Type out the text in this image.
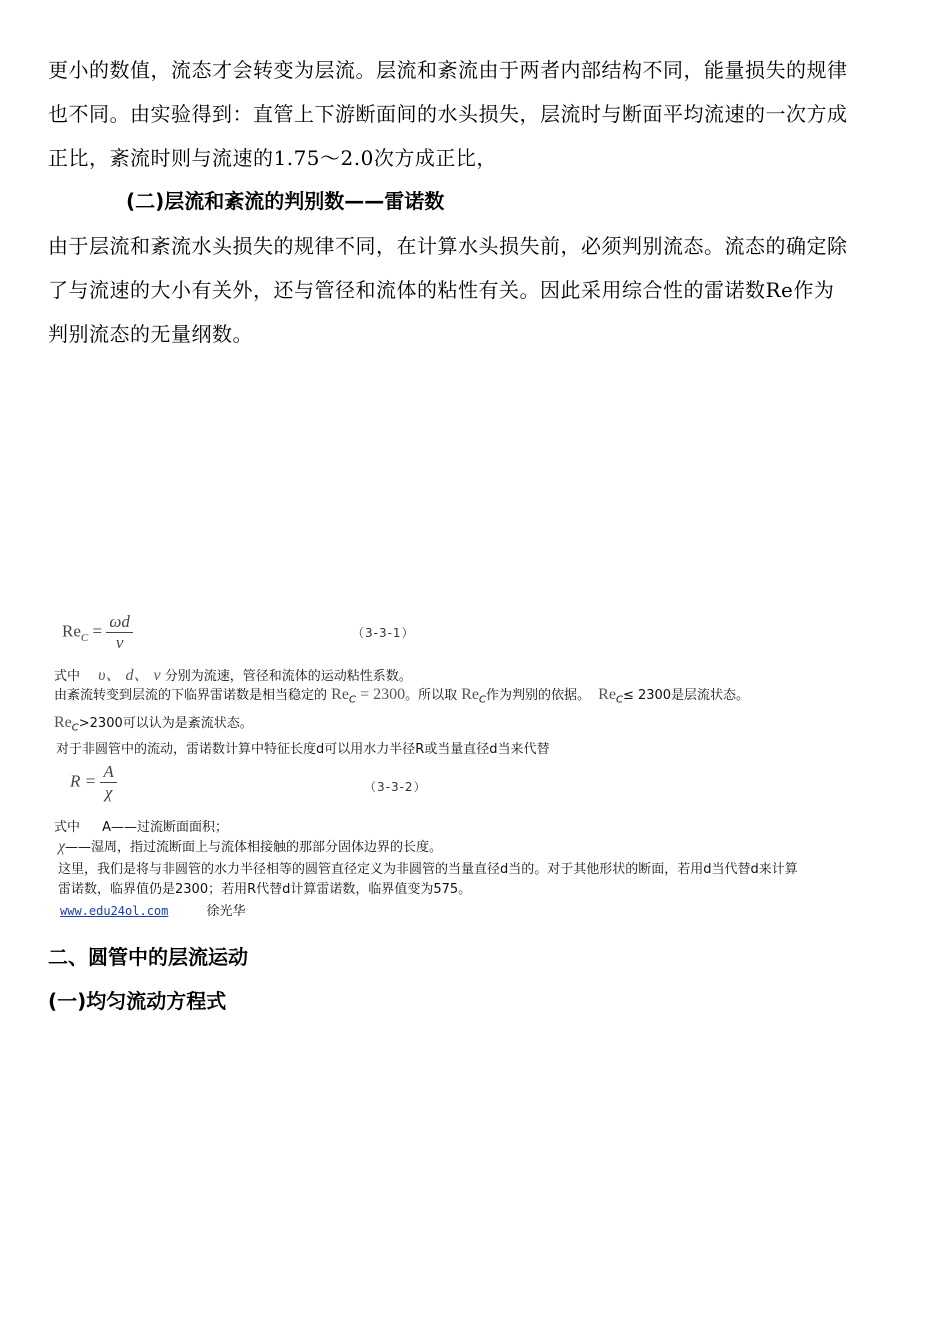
更小的数值，流态才会转变为层流。层流和紊流由于两者内部结构不同，能量损失的规律
也不同。由实验得到：直管上下游断面间的水头损失，层流时与断面平均流速的一次方成
正比，紊流时则与流速的1.75～2.0次方成正比，
(二)层流和紊流的判别数——雷诺数
由于层流和紊流水头损失的规律不同，在计算水头损失前，必须判别流态。流态的确定除
了与流速的大小有关外，还与管径和流体的粘性有关。因此采用综合性的雷诺数Re作为
判别流态的无量纲数。
$Re_C = \frac{\omega d}{\nu}$	（3-3-1）
式中 υ、 d、 ν 分别为流速，管径和流体的运动粘性系数。
由紊流转变到层流的下临界雷诺数是相当稳定的 $Re_C = 2300$。所以取 $Re_C$作为判别的依据。 $Re_C\le 2300$是层流状态。
$Re_C>2300$可以认为是紊流状态。
对于非圆管中的流动，雷诺数计算中特征长度d可以用水力半径R或当量直径d当来代替
$R = \frac{A}{\chi}$	（3-3-2）
式中 A——过流断面面积；
χ——湿周，指过流断面上与流体相接触的那部分固体边界的长度。
这里，我们是将与非圆管的水力半径相等的圆管直径定义为非圆管的当量直径d当的。对于其他形状的断面，若用d当代替d来计算
雷诺数，临界值仍是2300；若用R代替d计算雷诺数，临界值变为575。
www.edu24ol.com	徐光华
二、圆管中的层流运动
(一)均匀流动方程式
